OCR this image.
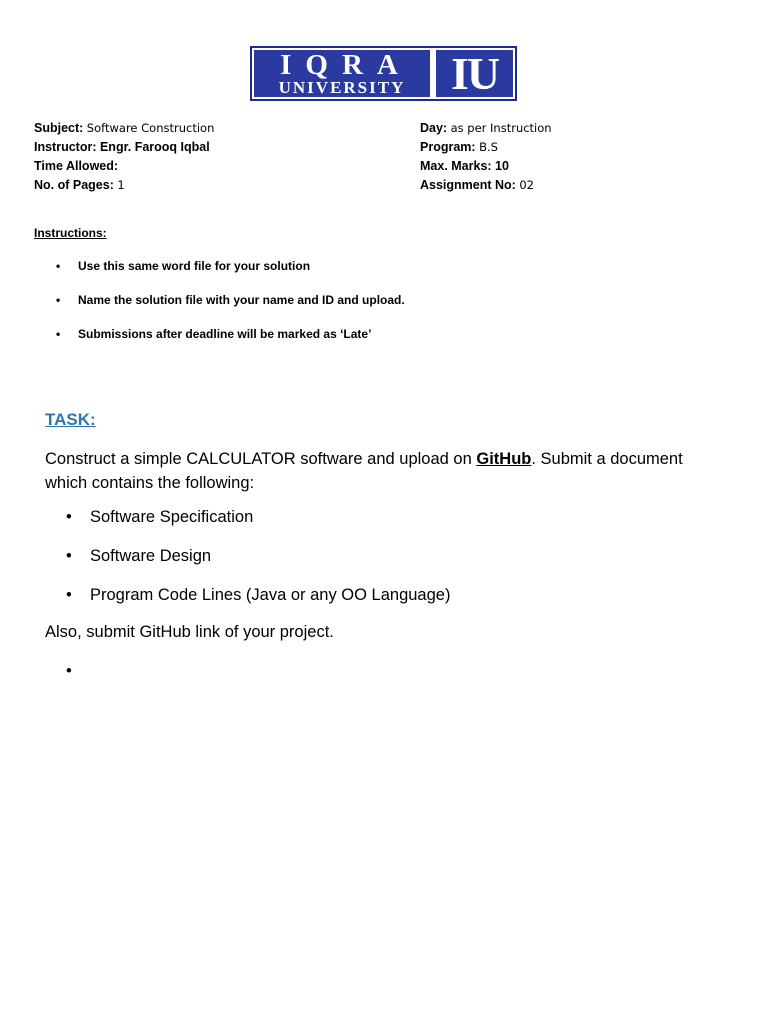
IQRA
UNIVERSITY IU
Subject: Software Construction
Instructor: Engr. Farooq Iqbal
Time Allowed:
No. of Pages: 1
Day: as per Instruction
Program: B.S
Max. Marks: 10
Assignment No: 02
Instructions:
• Use this same word file for your solution
• Name the solution file with your name and ID and upload.
• Submissions after deadline will be marked as ‘Late’
TASK:
Construct a simple CALCULATOR software and upload on GitHub. Submit a document which contains the following:
• Software Specification
• Software Design
• Program Code Lines (Java or any OO Language)
Also, submit GitHub link of your project.
•
